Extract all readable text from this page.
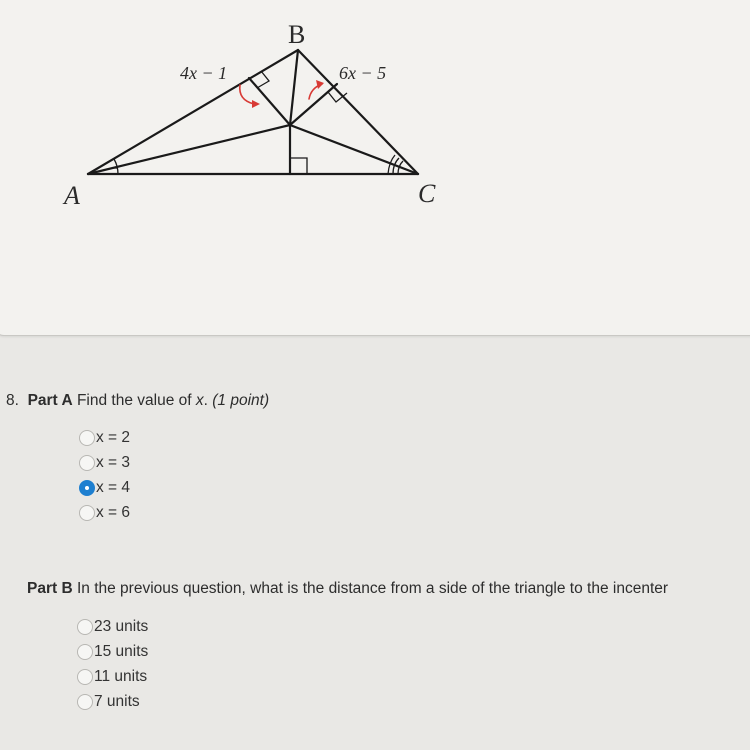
B
A	C
4x − 1	6x − 5
8. Part A Find the value of x. (1 point)
x = 2
x = 3
x = 4
x = 6
Part B In the previous question, what is the distance from a side of the triangle to the incenter
23 units
15 units
11 units
7 units
